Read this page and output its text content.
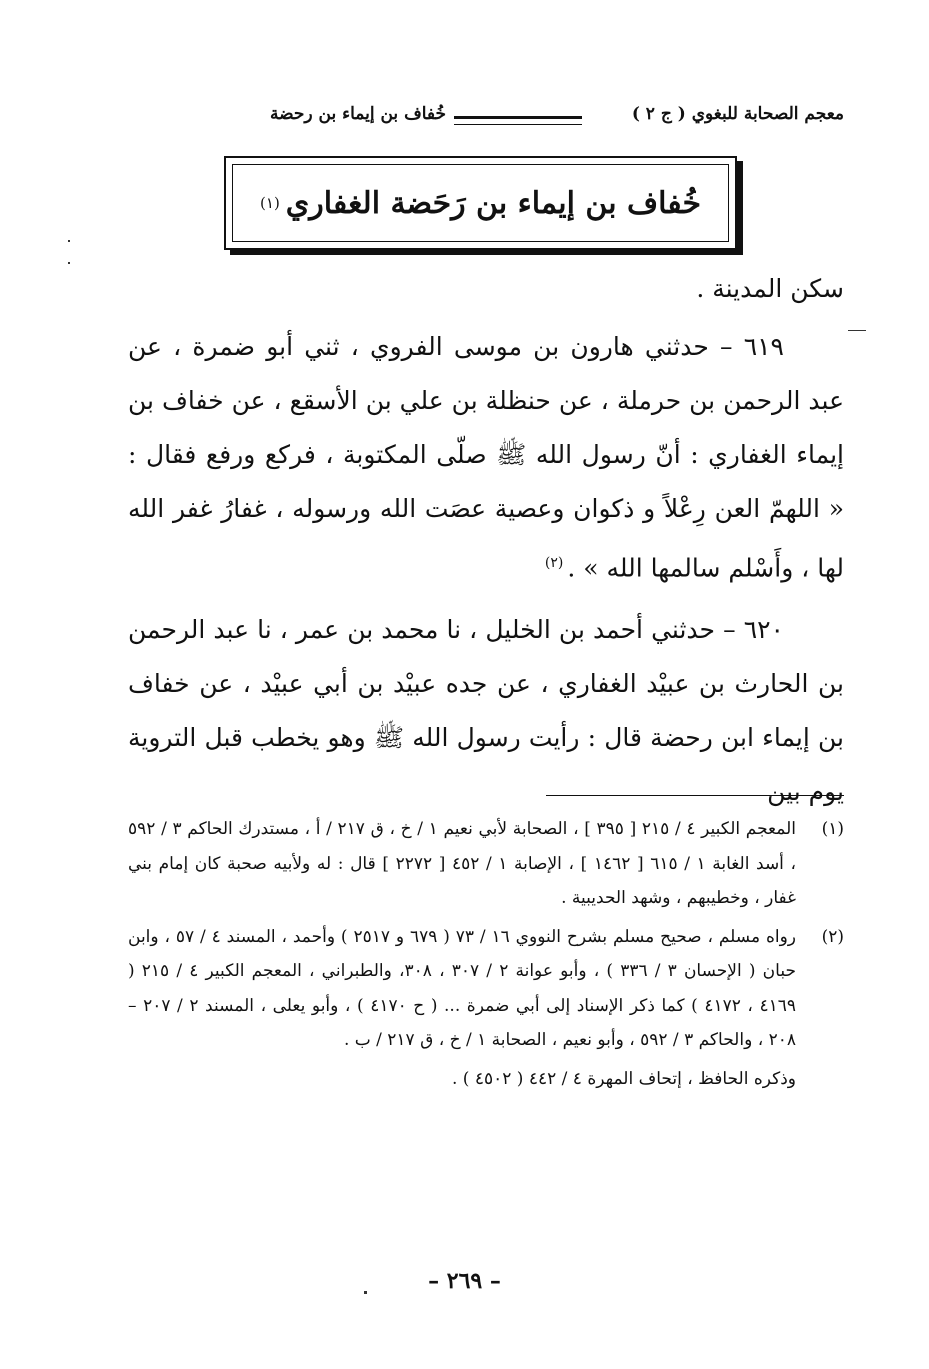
معجم الصحابة للبغوي ( ج ٢ )
خُفاف بن إيماء بن رحضة
خُفاف بن إيماء بن رَحَضة الغفاري
(١)

سكن المدينة .

٦١٩ – حدثني هارون بن موسى الفروي ، ثني أبو ضمرة ، عن عبد الرحمن بن حرملة ، عن حنظلة بن علي بن الأسقع ، عن خفاف بن إيماء الغفاري : أنّ رسول الله ﷺ صلّى المكتوبة ، فركع ورفع فقال : « اللهمّ العن رِعْلاً و ذكوان وعصية عصَت الله ورسوله ، غفارُ غفر الله لها ، وأَسْلم سالمها الله » .$^{(٢)}$

٦٢٠ – حدثني أحمد بن الخليل ، نا محمد بن عمر ، نا عبد الرحمن بن الحارث بن عبيْد الغفاري ، عن جده عبيْد بن أبي عبيْد ، عن خفاف بن إيماء ابن رحضة قال : رأيت رسول الله ﷺ وهو يخطب قبل التروية يوم بين

(١)
المعجم الكبير ٤ / ٢١٥ [ ٣٩٥ ] ، الصحابة لأبي نعيم ١ / خ ، ق ٢١٧ / أ ، مستدرك الحاكم ٣ / ٥٩٢ ، أسد الغابة ١ / ٦١٥ [ ١٤٦٢ ] ، الإصابة ١ / ٤٥٢ [ ٢٢٧٢ ] قال : له ولأبيه صحبة كان إمام بني غفار ، وخطيبهم ، وشهد الحديبية .
(٢)
رواه مسلم ، صحيح مسلم بشرح النووي ١٦ / ٧٣ ( ٦٧٩ و ٢٥١٧ ) وأحمد ، المسند ٤ / ٥٧ ، وابن حبان ( الإحسان ٣ / ٣٣٦ ) ، وأبو عوانة ٢ / ٣٠٧ ، ٣٠٨، والطبراني ، المعجم الكبير ٤ / ٢١٥ ( ٤١٦٩ ، ٤١٧٢ ) كما ذكر الإسناد إلى أبي ضمرة ... ( ح ٤١٧٠ ) ، وأبو يعلى ، المسند ٢ / ٢٠٧ – ٢٠٨ ، والحاكم ٣ / ٥٩٢ ، وأبو نعيم ، الصحابة ١ / خ ، ق ٢١٧ / ب .
وذكره الحافظ ، إتحاف المهرة ٤ / ٤٤٢ ( ٤٥٠٢ ) .
– ٢٦٩ –
